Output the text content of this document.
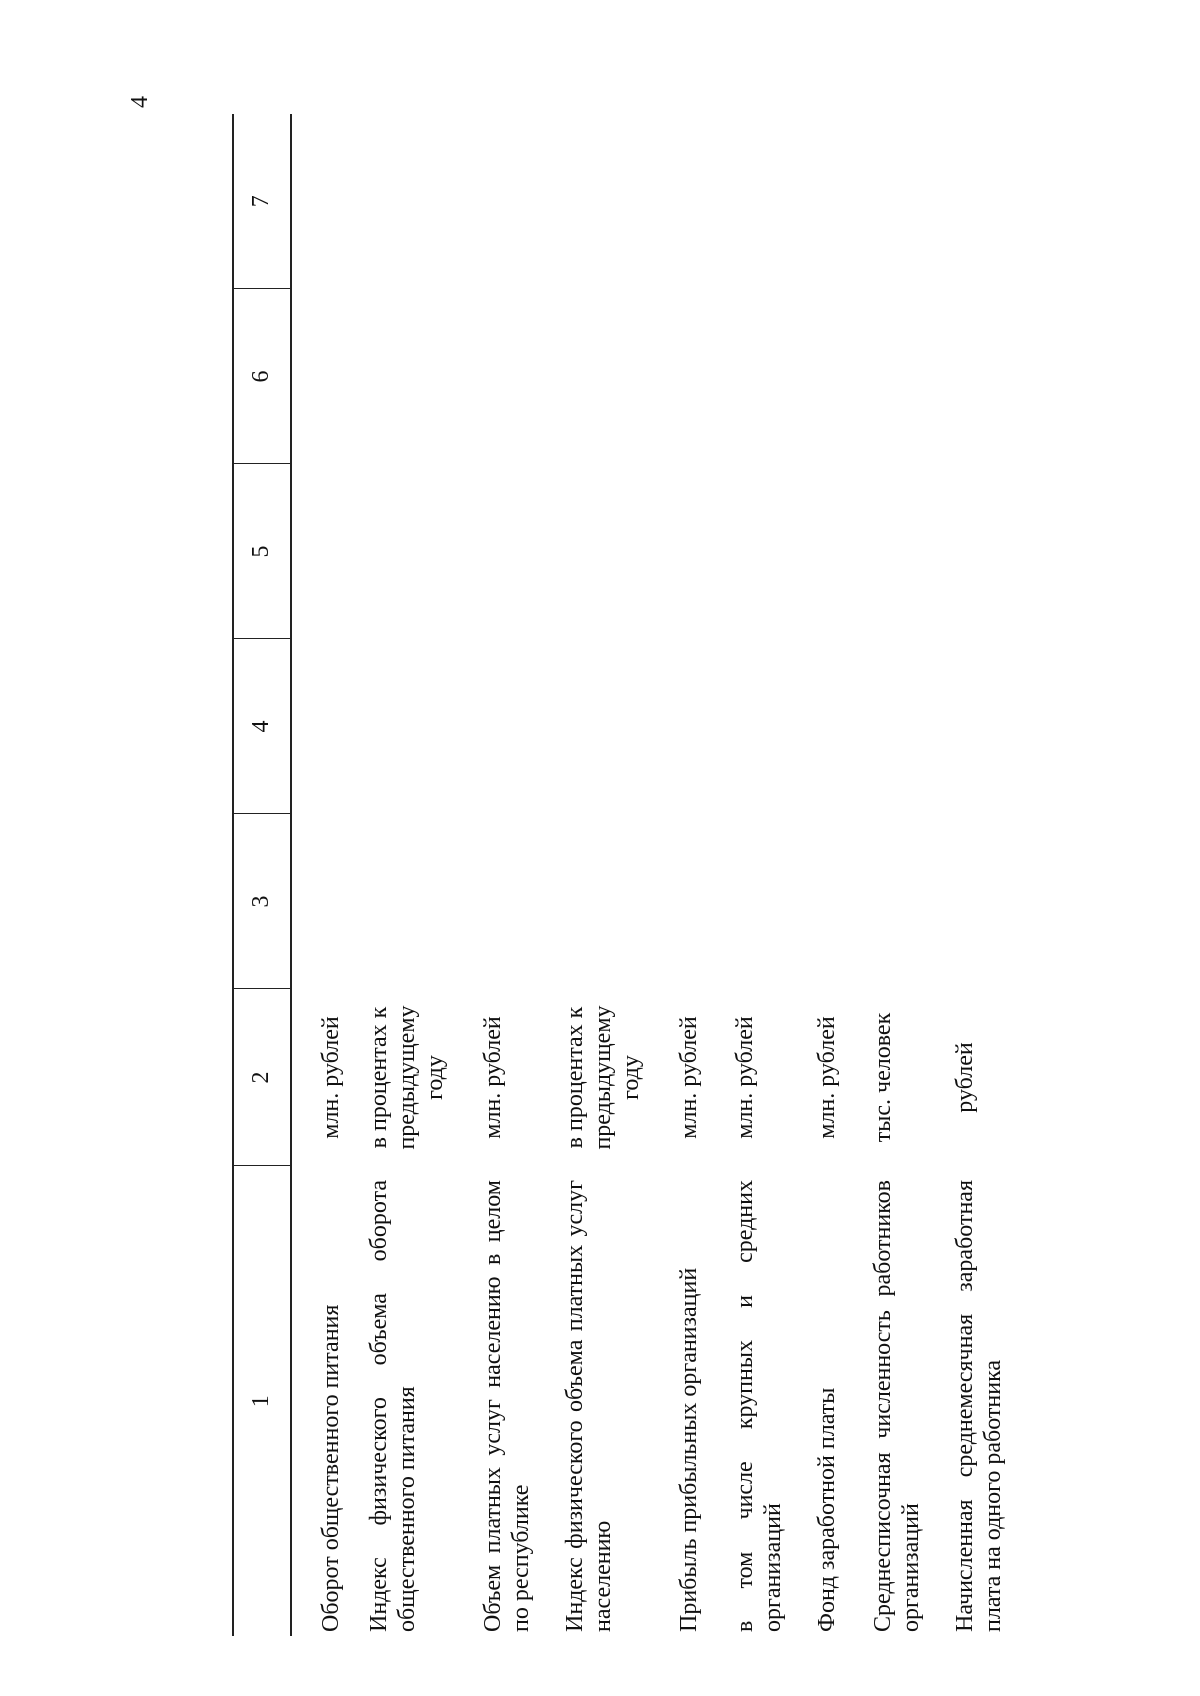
4
1	2	3	4	5	6	7
Оборот общественного питания	млн. рублей					
Индекс физического объема оборота общественного питания	в процентах к предыдущему году					
Объем платных услуг населению в целом по республике	млн. рублей					
Индекс физического объема платных услуг населению	в процентах к предыдущему году					
Прибыль прибыльных организаций	млн. рублей					
в том числе крупных и средних организаций	млн. рублей					
Фонд заработной платы	млн. рублей					
Среднесписочная численность работников организаций	тыс. человек					
Начисленная среднемесячная заработная плата на одного работника	рублей					
